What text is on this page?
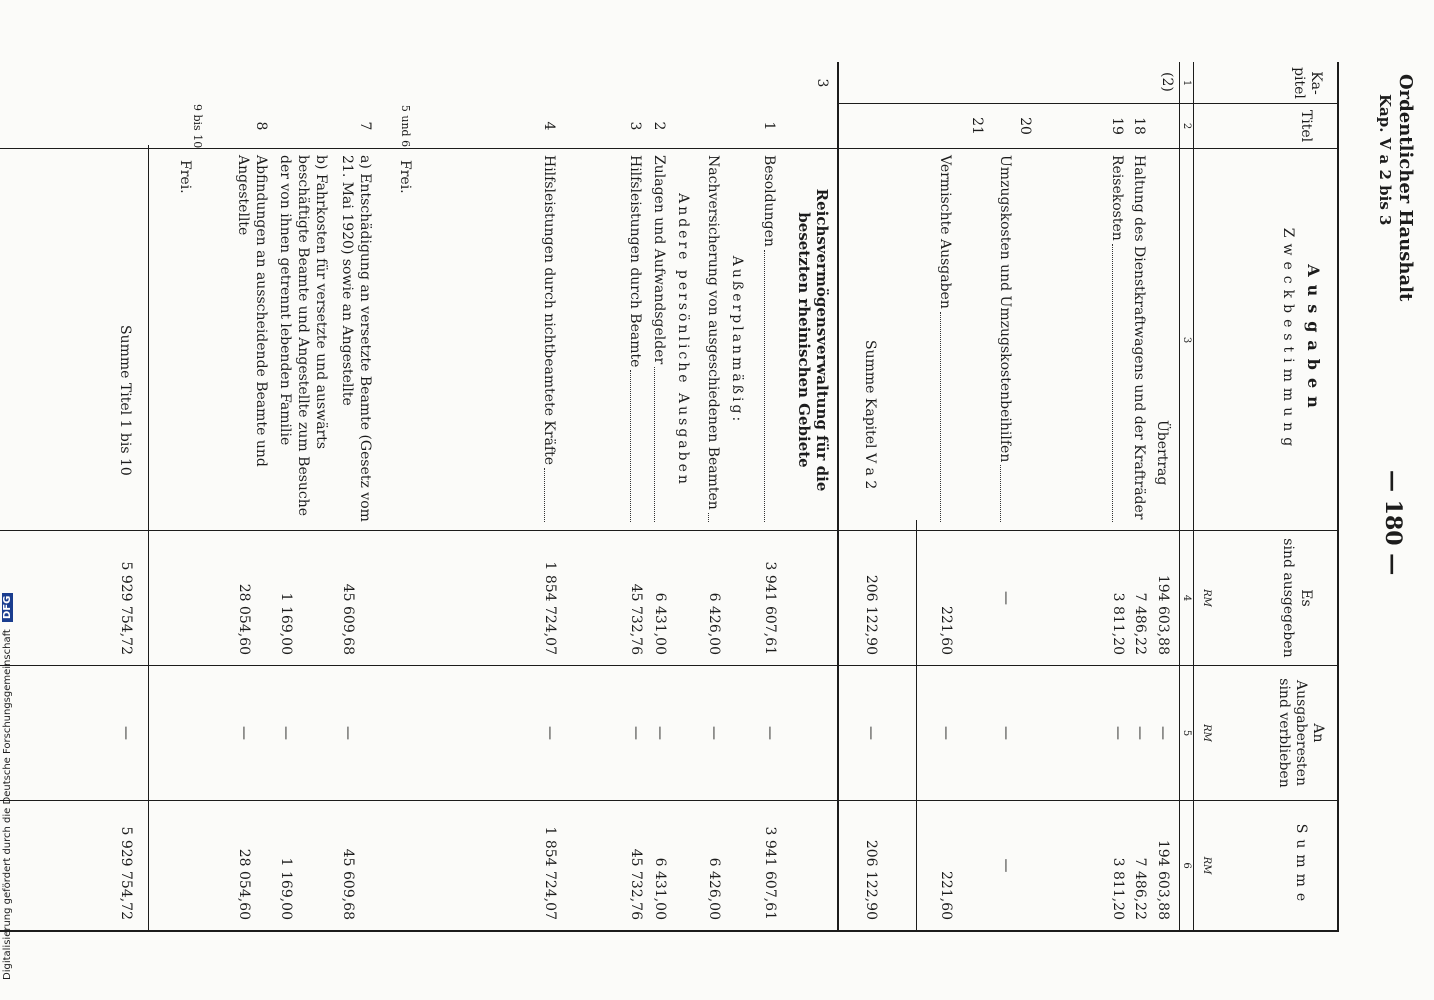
Ordentlicher Haushalt
Kap. V a 2 bis 3
— 180 —
Ka-pitel
Titel
Ausgaben
Zweckbestimmung
Es
sind ausgegeben
An
Ausgaberesten
sind verblieben
Summe
1
2
3
4
5
6
RM
RM
RM
(2)
Übertrag
194 603,88
—
194 603,88
18
Haltung des Dienstkraftwagens und der Krafträder
7 486,22
—
7 486,22
19
Reisekosten
3 811,20
—
3 811,20
20
Umzugskosten und Umzugskostenbeihilfen
—
—
—
21
Vermischte Ausgaben
221,60
—
221,60
Summe Kapitel V a 2
206 122,90
—
206 122,90
3
Reichsvermögensverwaltung für die besetzten rheinischen Gebiete
1
Besoldungen
3 941 607,61
—
3 941 607,61
Außerplanmäßig:
Nachversicherung von ausgeschiedenen Beamten
6 426,00
—
6 426,00
Andere persönliche Ausgaben
2
Zulagen und Aufwandsgelder
6 431,00
—
6 431,00
3
Hilfsleistungen durch Beamte
45 732,76
—
45 732,76
4
Hilfsleistungen durch nichtbeamtete Kräfte
1 854 724,07
—
1 854 724,07
5 und 6
Frei.
7
a) Entschädigung an versetzte Beamte (Gesetz vom 21. Mai 1920) sowie an Angestellte
45 609,68
—
45 609,68
b) Fahrkosten für versetzte und auswärts beschäftigte Beamte und Angestellte zum Besuche der von ihnen getrennt lebenden Familie
1 169,00
—
1 169,00
8
Abfindungen an ausscheidende Beamte und Angestellte
28 054,60
—
28 054,60
9 bis 10
Frei.
Summe Titel 1 bis 10
5 929 754,72
—
5 929 754,72
Digitalisierung gefördert durch die Deutsche Forschungsgemeinschaft DFG
